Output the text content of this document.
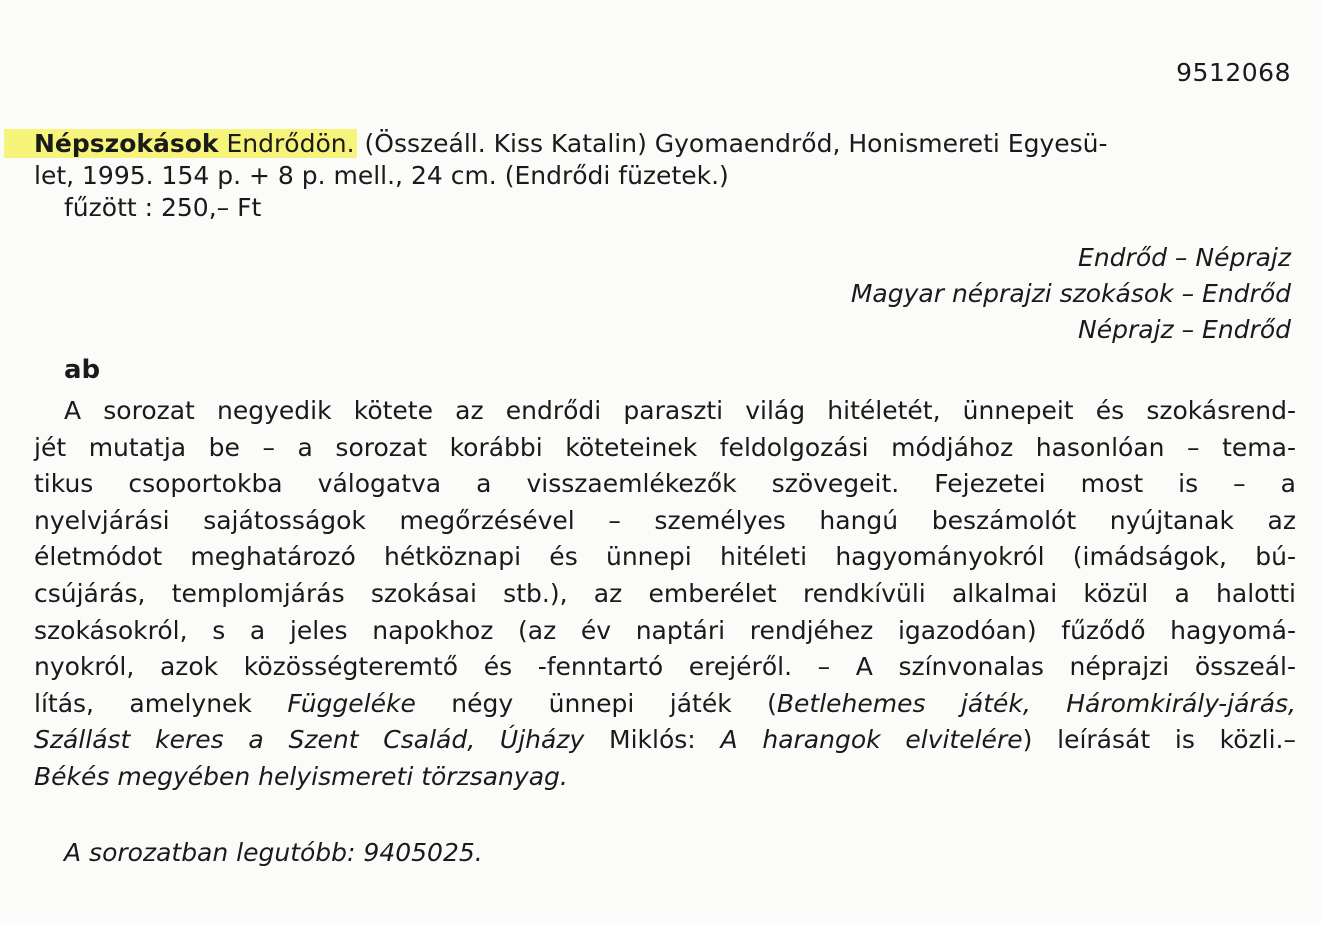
9512068
Népszokások Endrődön. (Összeáll. Kiss Katalin) Gyomaendrőd, Honismereti Egyesü-
let, 1995. 154 p. + 8 p. mell., 24 cm. (Endrődi füzetek.)
fűzött : 250,– Ft
Endrőd – Néprajz
Magyar néprajzi szokások – Endrőd
Néprajz – Endrőd
ab
A sorozat negyedik kötete az endrődi paraszti világ hitéletét, ünnepeit és szokásrend-
jét mutatja be – a sorozat korábbi köteteinek feldolgozási módjához hasonlóan – tema-
tikus csoportokba válogatva a visszaemlékezők szövegeit. Fejezetei most is – a
nyelvjárási sajátosságok megőrzésével – személyes hangú beszámolót nyújtanak az
életmódot meghatározó hétköznapi és ünnepi hitéleti hagyományokról (imádságok, bú-
csújárás, templomjárás szokásai stb.), az emberélet rendkívüli alkalmai közül a halotti
szokásokról, s a jeles napokhoz (az év naptári rendjéhez igazodóan) fűződő hagyomá-
nyokról, azok közösségteremtő és -fenntartó erejéről. – A színvonalas néprajzi összeál-
lítás, amelynek Függeléke négy ünnepi játék (Betlehemes játék, Háromkirály-járás,
Szállást keres a Szent Család, Újházy Miklós: A harangok elvitelére) leírását is közli.–
Békés megyében helyismereti törzsanyag.
A sorozatban legutóbb: 9405025.
